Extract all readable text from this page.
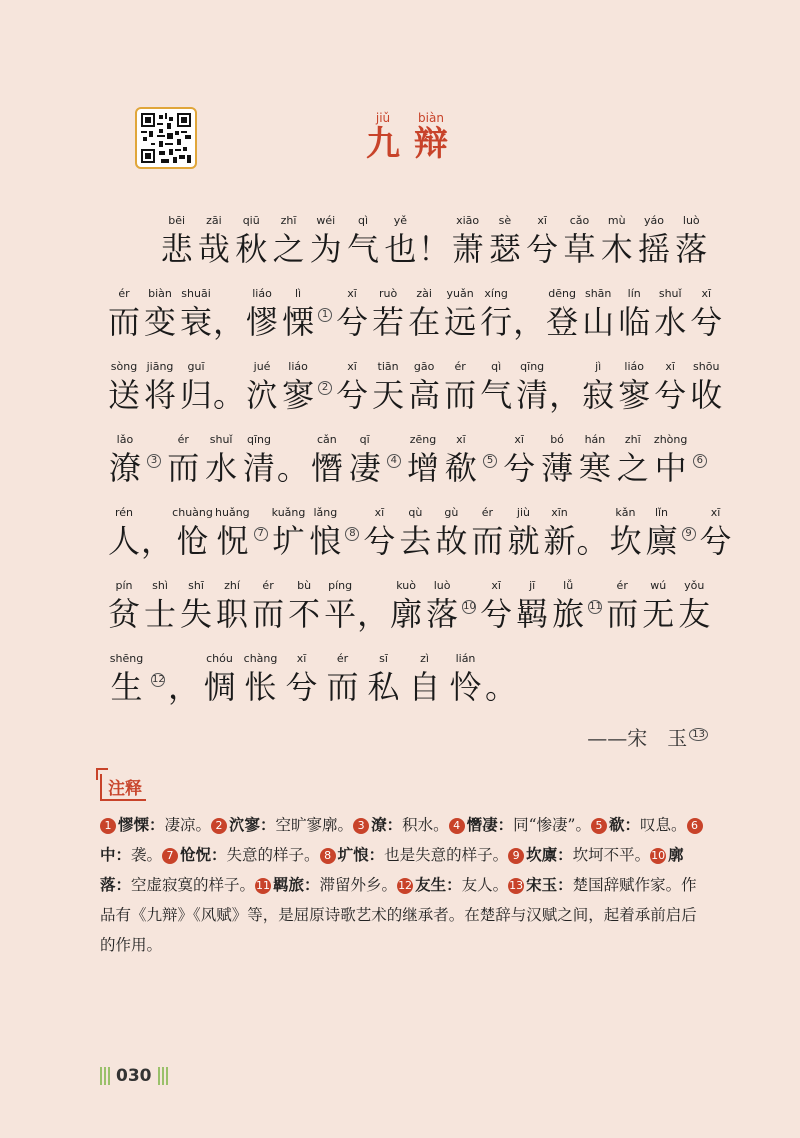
九jiǔ
辩biàn
bēi
悲
zāi
哉
qiū
秋
zhī
之
wéi
为
qì
气
yě
也 ！
xiāo
萧
sè
瑟
xī
兮
cǎo
草
mù
木
yáo
摇
luò
落
ér
而
biàn
变
shuāi
衰 ，
liáo
憀
lì
慄 1
xī
兮
ruò
若
zài
在
yuǎn
远
xíng
行 ，
dēng
登
shān
山
lín
临
shuǐ
水
xī
兮
sòng
送
jiāng
将
guī
归 。
jué
泬
liáo
寥 2
xī
兮
tiān
天
gāo
高
ér
而
qì
气
qīng
清 ，
jì
寂
liáo
寥
xī
兮
shōu
收
lǎo
潦 3
ér
而
shuǐ
水
qīng
清 。
cǎn
憯
qī
凄 4
zēng
增
xī
欷 5
xī
兮
bó
薄
hán
寒
zhī
之
zhòng
中 6
rén
人 ，
chuàng
怆
huǎng
怳 7
kuǎng
圹
lǎng
悢 8
xī
兮
qù
去
gù
故
ér
而
jiù
就
xīn
新 。
kǎn
坎
lǐn
廪 9
xī
兮
pín
贫
shì
士
shī
失
zhí
职
ér
而
bù
不
píng
平 ，
kuò
廓
luò
落 10
xī
兮
jī
羁
lǚ
旅 11
ér
而
wú
无
yǒu
友
shēng
生 12 ，
chóu
惆
chàng
怅
xī
兮
ér
而
sī
私
zì
自
lián
怜 。
——宋　玉 $^{13}$
注释
1 憀慄：凄凉。 2 泬寥：空旷寥廓。 3 潦：积水。 4 憯凄：同“惨凄”。 5 欷：叹息。 6中：袭。 7 怆怳：失意的样子。 8 圹悢：也是失意的样子。 9 坎廪：坎坷不平。10 廓落：空虚寂寞的样子。11 羁旅：滞留外乡。12 友生：友人。13 宋玉：楚国辞赋作家。作品有《九辩》《风赋》等，是屈原诗歌艺术的继承者。在楚辞与汉赋之间，起着承前启后的作用。
030
